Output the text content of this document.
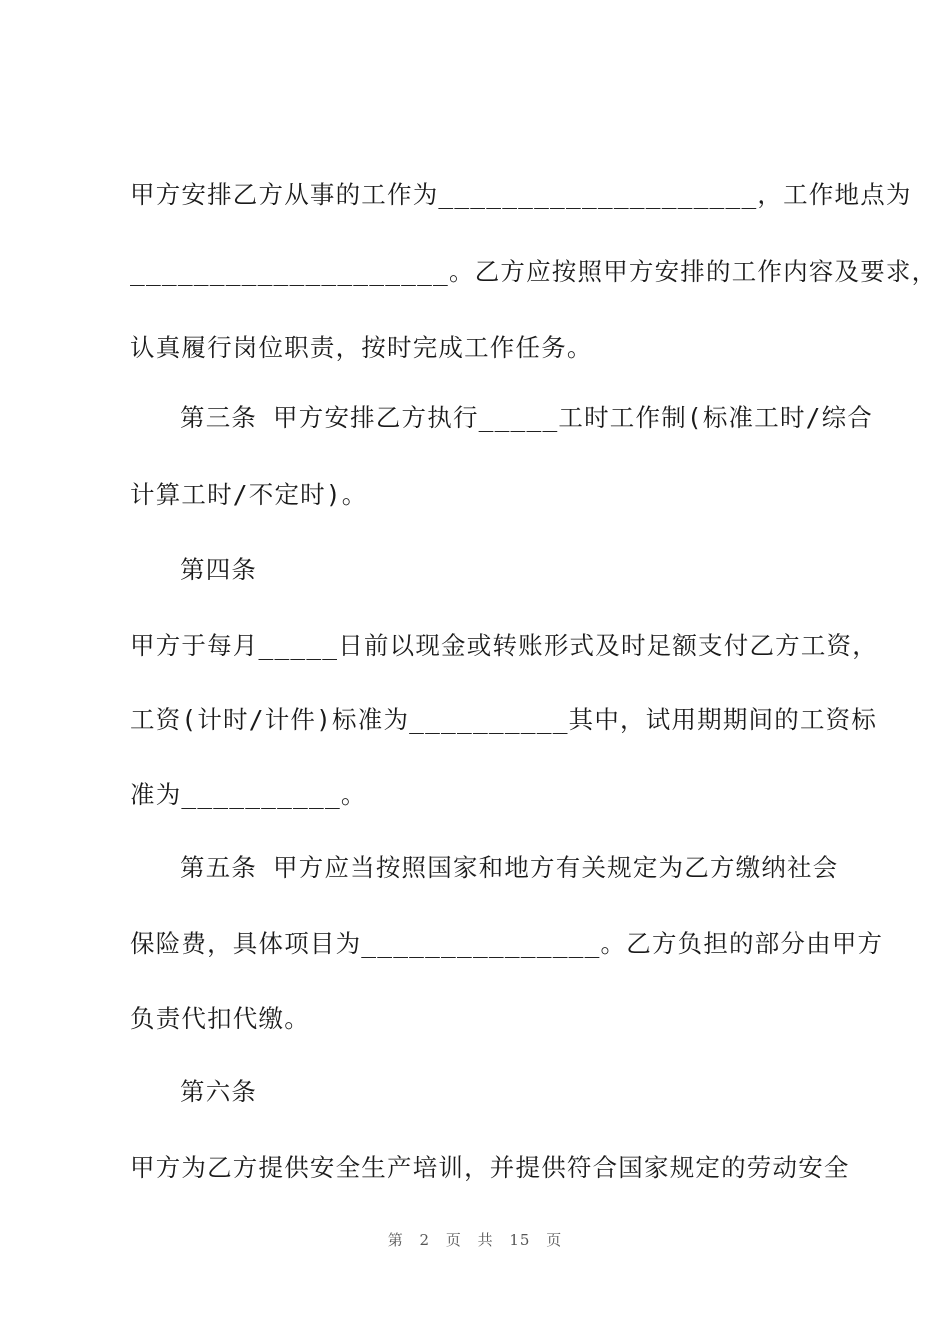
甲方安排乙方从事的工作为____________________，工作地点为
____________________。乙方应按照甲方安排的工作内容及要求，
认真履行岗位职责，按时完成工作任务。
第三条 甲方安排乙方执行_____工时工作制(标准工时/综合
计算工时/不定时)。
第四条
甲方于每月_____日前以现金或转账形式及时足额支付乙方工资，
工资(计时/计件)标准为__________其中，试用期期间的工资标
准为__________。
第五条 甲方应当按照国家和地方有关规定为乙方缴纳社会
保险费，具体项目为_______________。乙方负担的部分由甲方
负责代扣代缴。
第六条
甲方为乙方提供安全生产培训，并提供符合国家规定的劳动安全
第 2 页 共 15 页
